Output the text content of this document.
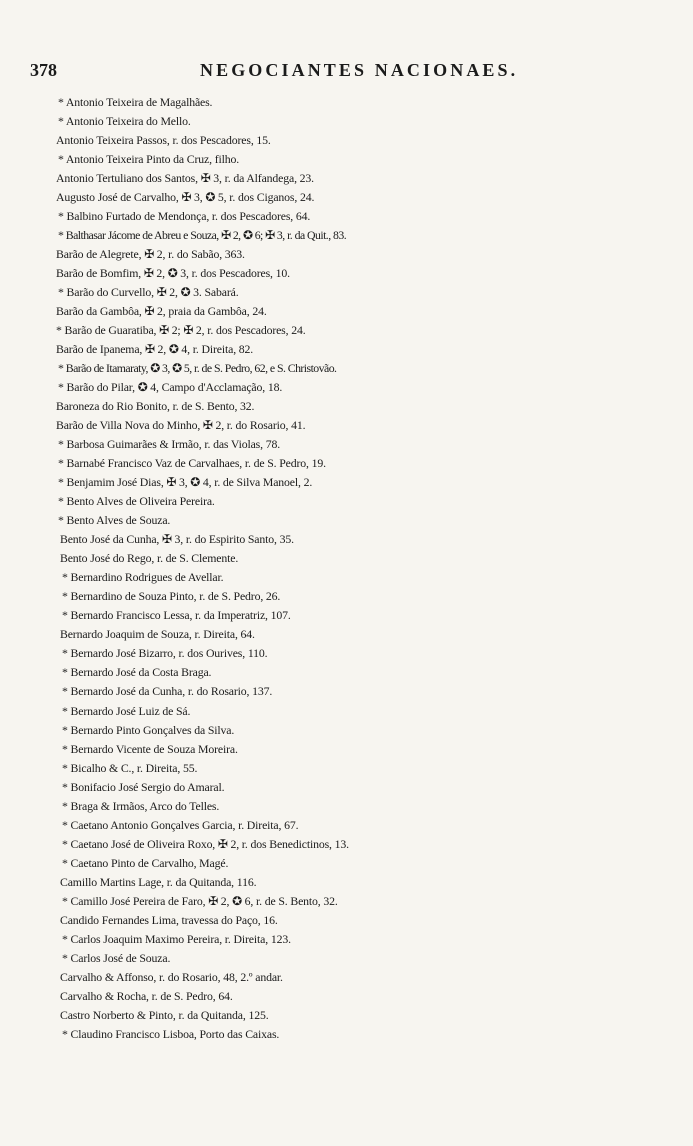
378	NEGOCIANTES NACIONAES.
* Antonio Teixeira de Magalhães.
* Antonio Teixeira do Mello.
Antonio Teixeira Passos, r. dos Pescadores, 15.
* Antonio Teixeira Pinto da Cruz, filho.
Antonio Tertuliano dos Santos, ✠ 3, r. da Alfandega, 23.
Augusto José de Carvalho, ✠ 3, ✪ 5, r. dos Ciganos, 24.
* Balbino Furtado de Mendonça, r. dos Pescadores, 64.
* Balthasar Jácome de Abreu e Souza, ✠ 2, ✪ 6; ✠ 3, r. da Quit., 83.
Barão de Alegrete, ✠ 2, r. do Sabão, 363.
Barão de Bomfim, ✠ 2, ✪ 3, r. dos Pescadores, 10.
* Barão do Curvello, ✠ 2, ✪ 3. Sabará.
Barão da Gambôa, ✠ 2, praia da Gambôa, 24.
* Barão de Guaratiba, ✠ 2; ✠ 2, r. dos Pescadores, 24.
Barão de Ipanema, ✠ 2, ✪ 4, r. Direita, 82.
* Barão de Itamaraty, ✪ 3, ✪ 5, r. de S. Pedro, 62, e S. Christovão.
* Barão do Pilar, ✪ 4, Campo d'Acclamação, 18.
Baroneza do Rio Bonito, r. de S. Bento, 32.
Barão de Villa Nova do Minho, ✠ 2, r. do Rosario, 41.
* Barbosa Guimarães & Irmão, r. das Violas, 78.
* Barnabé Francisco Vaz de Carvalhaes, r. de S. Pedro, 19.
* Benjamim José Dias, ✠ 3, ✪ 4, r. de Silva Manoel, 2.
* Bento Alves de Oliveira Pereira.
* Bento Alves de Souza.
Bento José da Cunha, ✠ 3, r. do Espirito Santo, 35.
Bento José do Rego, r. de S. Clemente.
* Bernardino Rodrigues de Avellar.
* Bernardino de Souza Pinto, r. de S. Pedro, 26.
* Bernardo Francisco Lessa, r. da Imperatriz, 107.
Bernardo Joaquim de Souza, r. Direita, 64.
* Bernardo José Bizarro, r. dos Ourives, 110.
* Bernardo José da Costa Braga.
* Bernardo José da Cunha, r. do Rosario, 137.
* Bernardo José Luiz de Sá.
* Bernardo Pinto Gonçalves da Silva.
* Bernardo Vicente de Souza Moreira.
* Bicalho & C., r. Direita, 55.
* Bonifacio José Sergio do Amaral.
* Braga & Irmãos, Arco do Telles.
* Caetano Antonio Gonçalves Garcia, r. Direita, 67.
* Caetano José de Oliveira Roxo, ✠ 2, r. dos Benedictinos, 13.
* Caetano Pinto de Carvalho, Magé.
Camillo Martins Lage, r. da Quitanda, 116.
* Camillo José Pereira de Faro, ✠ 2, ✪ 6, r. de S. Bento, 32.
Candido Fernandes Lima, travessa do Paço, 16.
* Carlos Joaquim Maximo Pereira, r. Direita, 123.
* Carlos José de Souza.
Carvalho & Affonso, r. do Rosario, 48, 2.º andar.
Carvalho & Rocha, r. de S. Pedro, 64.
Castro Norberto & Pinto, r. da Quitanda, 125.
* Claudino Francisco Lisboa, Porto das Caixas.
